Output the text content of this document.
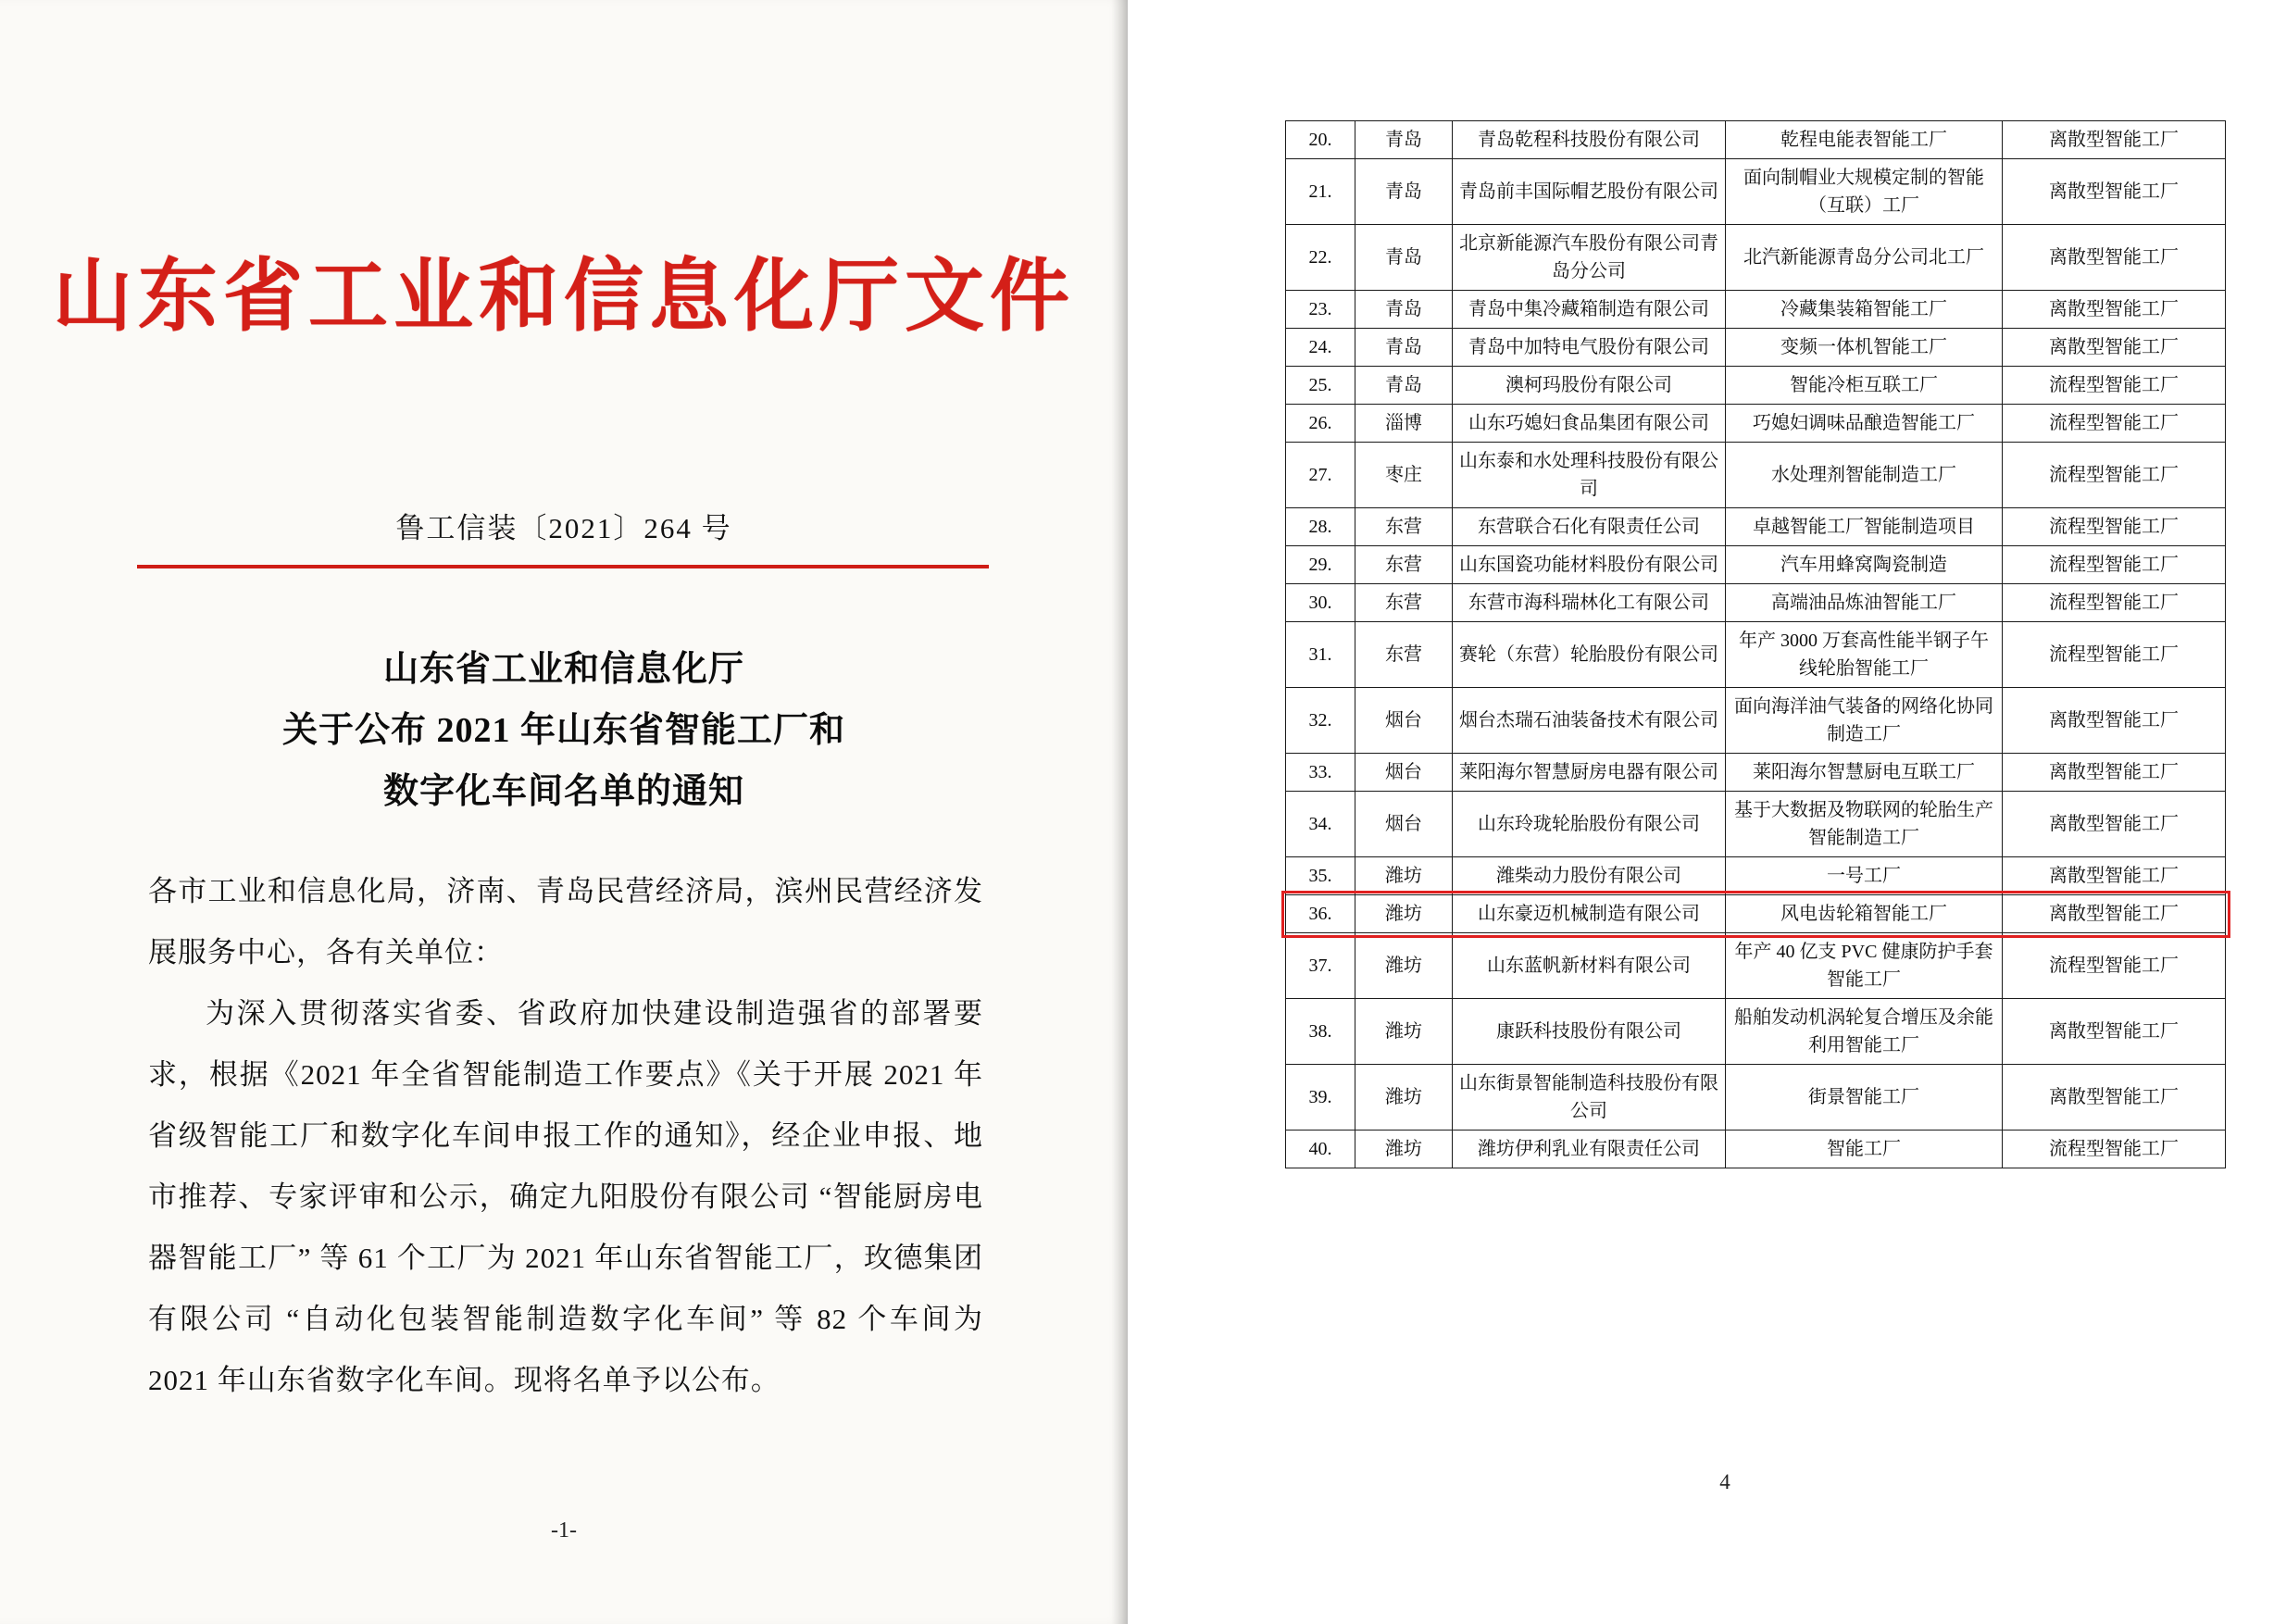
山东省工业和信息化厅文件
鲁工信装〔2021〕264 号
山东省工业和信息化厅
关于公布 2021 年山东省智能工厂和
数字化车间名单的通知

各市工业和信息化局，济南、青岛民营经济局，滨州民营经济发展服务中心，各有关单位：

为深入贯彻落实省委、省政府加快建设制造强省的部署要求，根据《2021 年全省智能制造工作要点》《关于开展 2021 年省级智能工厂和数字化车间申报工作的通知》，经企业申报、地市推荐、专家评审和公示，确定九阳股份有限公司 “智能厨房电器智能工厂” 等 61 个工厂为 2021 年山东省智能工厂，玫德集团有限公司 “自动化包装智能制造数字化车间” 等 82 个车间为 2021 年山东省数字化车间。现将名单予以公布。

-1-
20.	青岛	青岛乾程科技股份有限公司	乾程电能表智能工厂	离散型智能工厂
21.	青岛	青岛前丰国际帽艺股份有限公司	面向制帽业大规模定制的智能（互联）工厂	离散型智能工厂
22.	青岛	北京新能源汽车股份有限公司青岛分公司	北汽新能源青岛分公司北工厂	离散型智能工厂
23.	青岛	青岛中集冷藏箱制造有限公司	冷藏集装箱智能工厂	离散型智能工厂
24.	青岛	青岛中加特电气股份有限公司	变频一体机智能工厂	离散型智能工厂
25.	青岛	澳柯玛股份有限公司	智能冷柜互联工厂	流程型智能工厂
26.	淄博	山东巧媳妇食品集团有限公司	巧媳妇调味品酿造智能工厂	流程型智能工厂
27.	枣庄	山东泰和水处理科技股份有限公司	水处理剂智能制造工厂	流程型智能工厂
28.	东营	东营联合石化有限责任公司	卓越智能工厂智能制造项目	流程型智能工厂
29.	东营	山东国瓷功能材料股份有限公司	汽车用蜂窝陶瓷制造	流程型智能工厂
30.	东营	东营市海科瑞林化工有限公司	高端油品炼油智能工厂	流程型智能工厂
31.	东营	赛轮（东营）轮胎股份有限公司	年产 3000 万套高性能半钢子午线轮胎智能工厂	流程型智能工厂
32.	烟台	烟台杰瑞石油装备技术有限公司	面向海洋油气装备的网络化协同制造工厂	离散型智能工厂
33.	烟台	莱阳海尔智慧厨房电器有限公司	莱阳海尔智慧厨电互联工厂	离散型智能工厂
34.	烟台	山东玲珑轮胎股份有限公司	基于大数据及物联网的轮胎生产智能制造工厂	离散型智能工厂
35.	潍坊	潍柴动力股份有限公司	一号工厂	离散型智能工厂
36.	潍坊	山东豪迈机械制造有限公司	风电齿轮箱智能工厂	离散型智能工厂
37.	潍坊	山东蓝帆新材料有限公司	年产 40 亿支 PVC 健康防护手套智能工厂	流程型智能工厂
38.	潍坊	康跃科技股份有限公司	船舶发动机涡轮复合增压及余能利用智能工厂	离散型智能工厂
39.	潍坊	山东街景智能制造科技股份有限公司	街景智能工厂	离散型智能工厂
40.	潍坊	潍坊伊利乳业有限责任公司	智能工厂	流程型智能工厂
4
